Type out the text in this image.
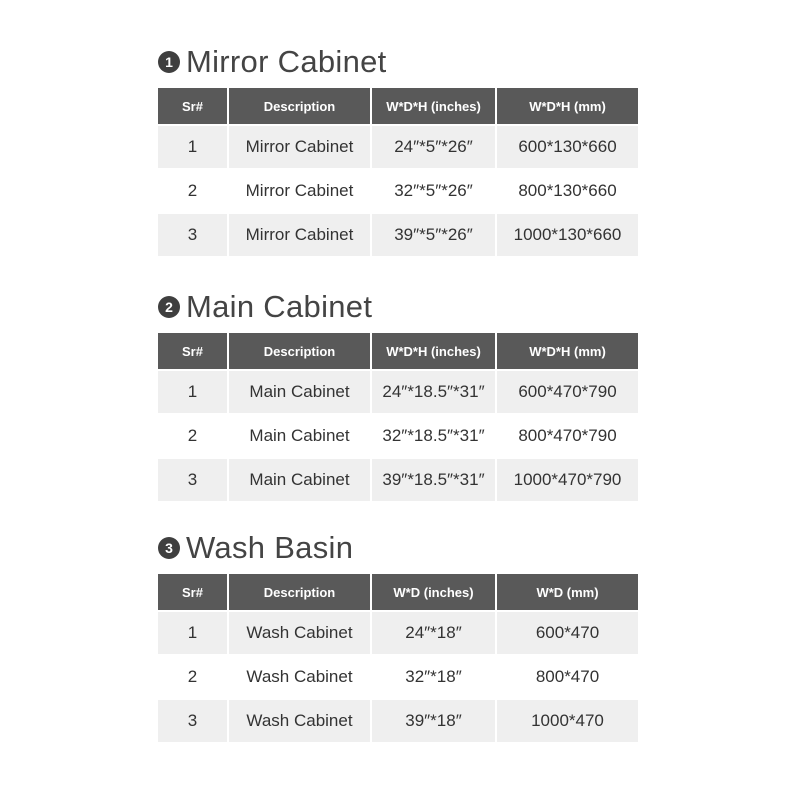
1 Mirror Cabinet
Sr#	Description	W*D*H (inches)	W*D*H (mm)
1	Mirror Cabinet	24″*5″*26″	600*130*660
2	Mirror Cabinet	32″*5″*26″	800*130*660
3	Mirror Cabinet	39″*5″*26″	1000*130*660
2 Main Cabinet
Sr#	Description	W*D*H (inches)	W*D*H (mm)
1	Main Cabinet	24″*18.5″*31″	600*470*790
2	Main Cabinet	32″*18.5″*31″	800*470*790
3	Main Cabinet	39″*18.5″*31″	1000*470*790
3 Wash Basin
Sr#	Description	W*D (inches)	W*D (mm)
1	Wash Cabinet	24″*18″	600*470
2	Wash Cabinet	32″*18″	800*470
3	Wash Cabinet	39″*18″	1000*470
